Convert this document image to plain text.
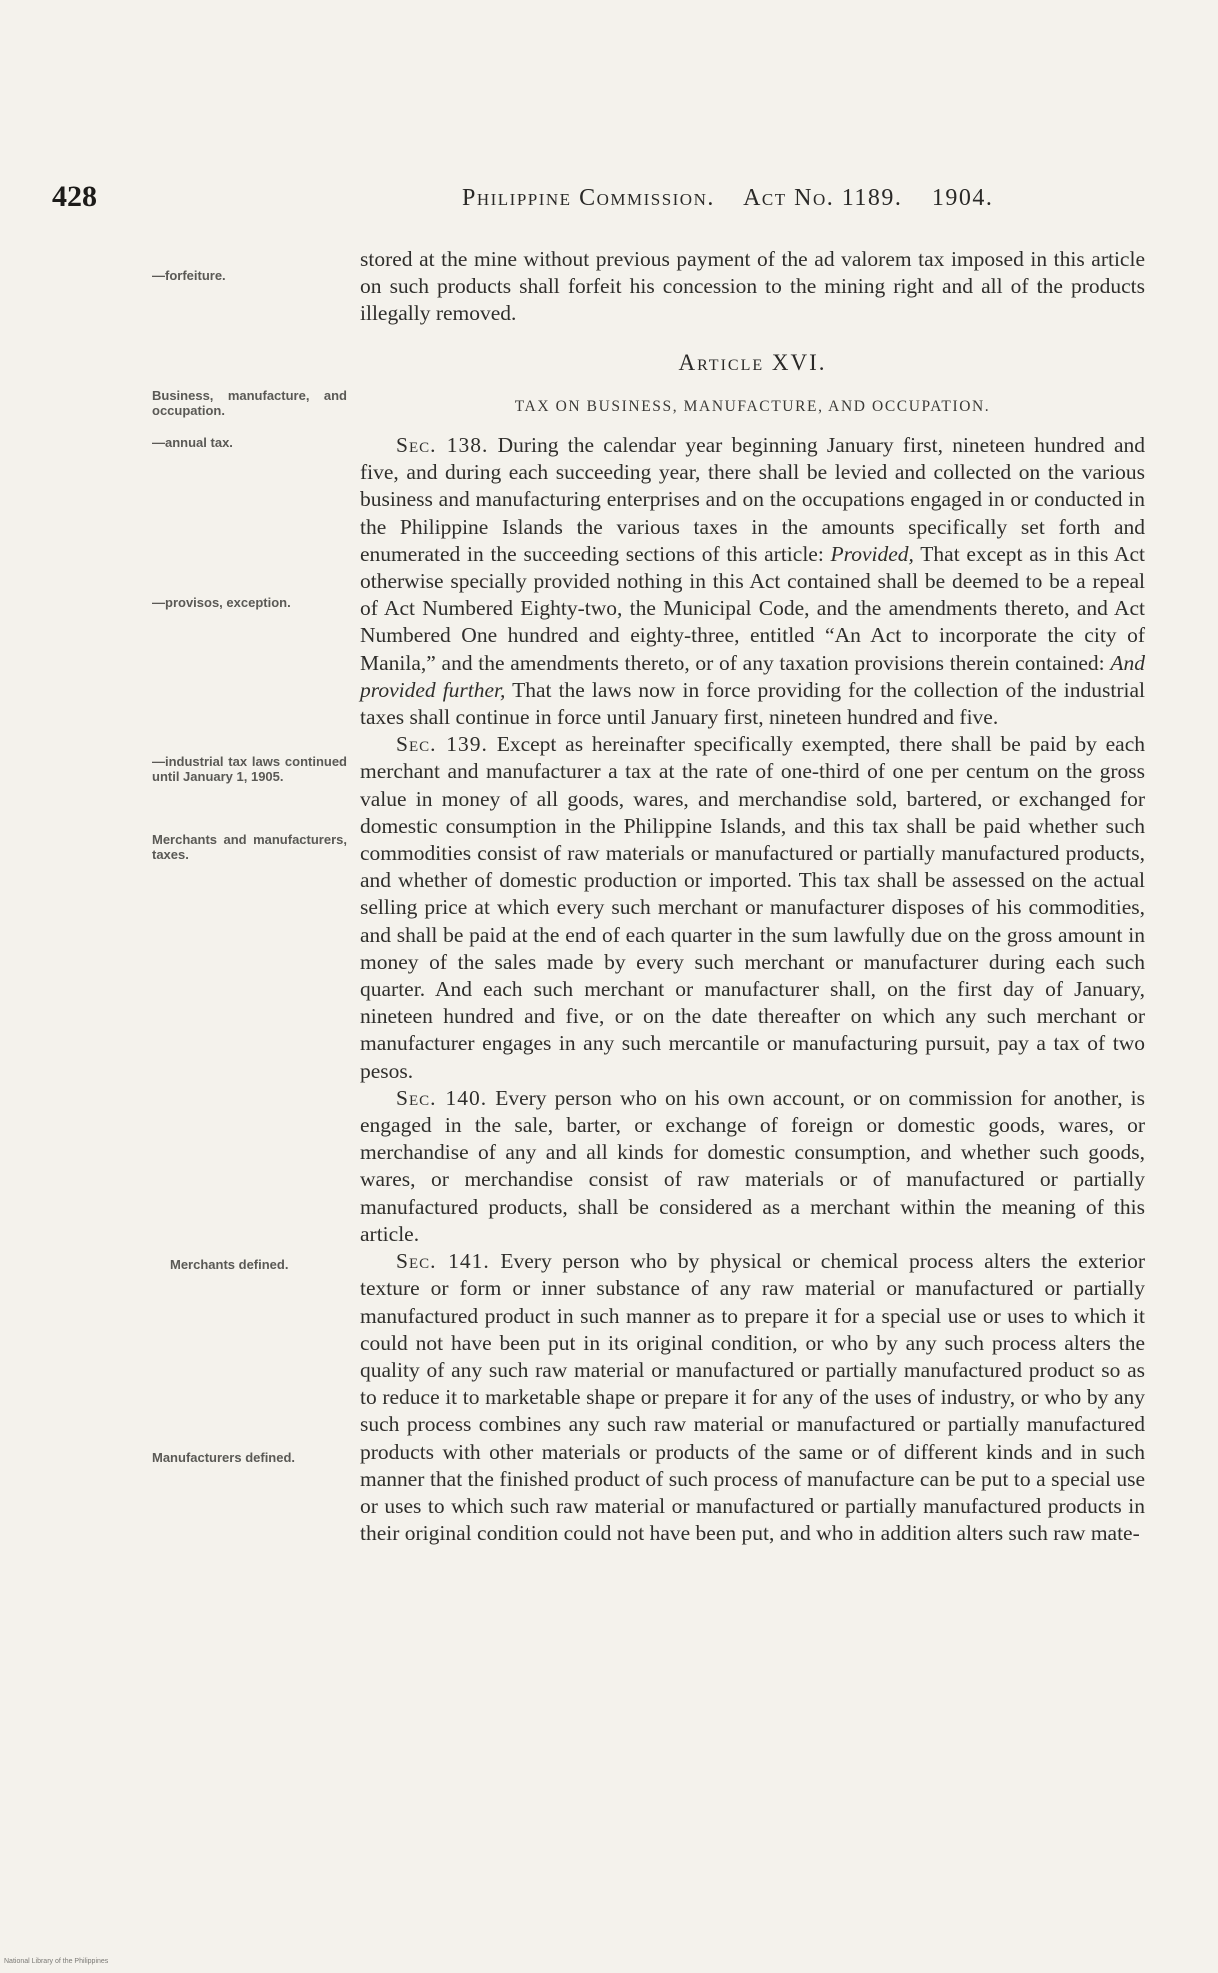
428	Philippine Commission. Act No. 1189. 1904.
—forfeiture.
Business, manufacture, and occupation.
—annual tax.
—provisos, exception.
—industrial tax laws continued until January 1, 1905.
Merchants and manufacturers, taxes.
Merchants defined.
Manufacturers defined.

stored at the mine without previous payment of the ad valorem tax imposed in this article on such products shall forfeit his concession to the mining right and all of the products illegally removed.

Article XVI.
TAX ON BUSINESS, MANUFACTURE, AND OCCUPATION.

Sec. 138. During the calendar year beginning January first, nineteen hundred and five, and during each succeeding year, there shall be levied and collected on the various business and manufacturing enterprises and on the occupations engaged in or conducted in the Philippine Islands the various taxes in the amounts specifically set forth and enumerated in the succeeding sections of this article: Provided, That except as in this Act otherwise specially provided nothing in this Act contained shall be deemed to be a repeal of Act Numbered Eighty-two, the Municipal Code, and the amendments thereto, and Act Numbered One hundred and eighty-three, entitled “An Act to incorporate the city of Manila,” and the amendments thereto, or of any taxation provisions therein contained: And provided further, That the laws now in force providing for the collection of the industrial taxes shall continue in force until January first, nineteen hundred and five.

Sec. 139. Except as hereinafter specifically exempted, there shall be paid by each merchant and manufacturer a tax at the rate of one-third of one per centum on the gross value in money of all goods, wares, and merchandise sold, bartered, or exchanged for domestic consumption in the Philippine Islands, and this tax shall be paid whether such commodities consist of raw materials or manufactured or partially manufactured products, and whether of domestic production or imported. This tax shall be assessed on the actual selling price at which every such merchant or manufacturer disposes of his commodities, and shall be paid at the end of each quarter in the sum lawfully due on the gross amount in money of the sales made by every such merchant or manufacturer during each such quarter. And each such merchant or manufacturer shall, on the first day of January, nineteen hundred and five, or on the date thereafter on which any such merchant or manufacturer engages in any such mercantile or manufacturing pursuit, pay a tax of two pesos.

Sec. 140. Every person who on his own account, or on commission for another, is engaged in the sale, barter, or exchange of foreign or domestic goods, wares, or merchandise of any and all kinds for domestic consumption, and whether such goods, wares, or merchandise consist of raw materials or of manufactured or partially manufactured products, shall be considered as a merchant within the meaning of this article.

Sec. 141. Every person who by physical or chemical process alters the exterior texture or form or inner substance of any raw material or manufactured or partially manufactured product in such manner as to prepare it for a special use or uses to which it could not have been put in its original condition, or who by any such process alters the quality of any such raw material or manufactured or partially manufactured product so as to reduce it to marketable shape or prepare it for any of the uses of industry, or who by any such process combines any such raw material or manufactured or partially manufactured products with other materials or products of the same or of different kinds and in such manner that the finished product of such process of manufacture can be put to a special use or uses to which such raw material or manufactured or partially manufactured products in their original condition could not have been put, and who in addition alters such raw mate-

National Library of the Philippines
